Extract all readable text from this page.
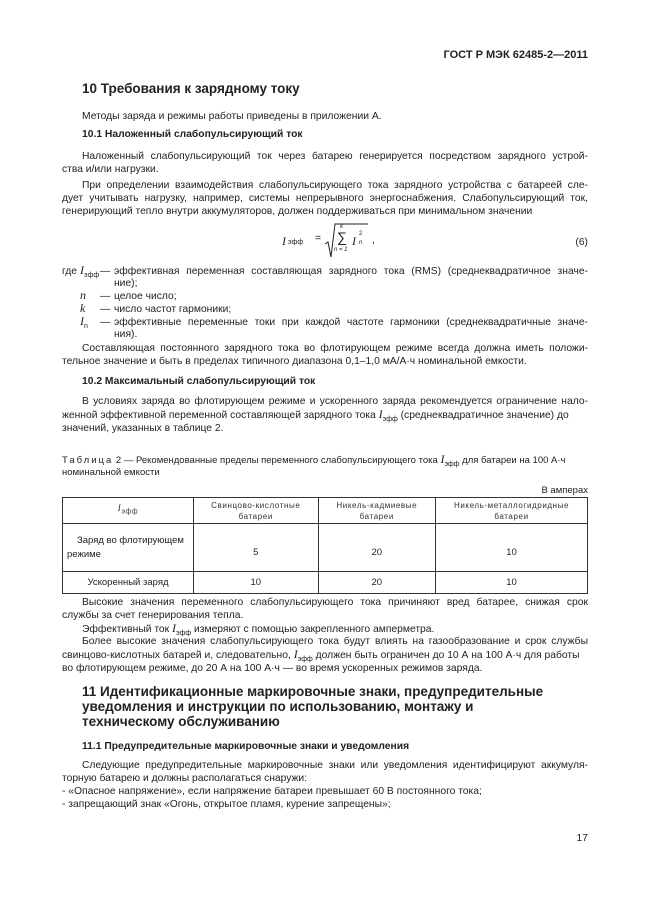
ГОСТ Р МЭК 62485-2—2011
10 Требования к зарядному току
Методы заряда и режимы работы приведены в приложении А.
10.1 Наложенный слабопульсирующий ток
Наложенный слабопульсирующий ток через батарею генерируется посредством зарядного устрой-
ства и/или нагрузки.
При определении взаимодействия слабопульсирующего тока зарядного устройства с батареей сле-
дует учитывать нагрузку, например, системы непрерывного энергоснабжения. Слабопульсирующий ток,
генерирующий тепло внутри аккумуляторов, должен поддерживаться при минимальном значении
I эфф =
k
∑
n = 1
I 2
n ,	(6)
где $I_{эфф}$ — эффективная переменная составляющая зарядного тока (RMS) (среднеквадратичное значе-
ние);
n	— целое число;
k	— число частот гармоники;
$I_n$	— эффективные переменные токи при каждой частоте гармоники (среднеквадратичные значе-
ния).
Составляющая постоянного зарядного тока во флотирующем режиме всегда должна иметь положи-
тельное значение и быть в пределах типичного диапазона 0,1–1,0 мА/А·ч номинальной емкости.
10.2 Максимальный слабопульсирующий ток
В условиях заряда во флотирующем режиме и ускоренного заряда рекомендуется ограничение нало-
женной эффективной переменной составляющей зарядного тока $I_{эфф}$ (среднеквадратичное значение) до
значений, указанных в таблице 2.
Таблица 2 — Рекомендованные пределы переменного слабопульсирующего тока $I_{эфф}$ для батареи на 100 А·ч
номинальной емкости
В амперах
$I_{эфф}$	Свинцово-кислотные батареи	Никель-кадмиевые батареи	Никель-металлогидридные батареи
Заряд во флотирующем режиме	5	20	10
Ускоренный заряд	10	20	10
Высокие значения переменного слабопульсирующего тока причиняют вред батарее, снижая срок
службы за счет генерирования тепла.
Эффективный ток $I_{эфф}$ измеряют с помощью закрепленного амперметра.
Более высокие значения слабопульсирующего тока будут влиять на газообразование и срок службы
свинцово-кислотных батарей и, следовательно, $I_{эфф}$ должен быть ограничен до 10 А на 100 А·ч для работы
во флотирующем режиме, до 20 А на 100 А·ч — во время ускоренных режимов заряда.
11 Идентификационные маркировочные знаки, предупредительные
уведомления и инструкции по использованию, монтажу и
техническому обслуживанию
11.1 Предупредительные маркировочные знаки и уведомления
Следующие предупредительные маркировочные знаки или уведомления идентифицируют аккумуля-
торную батарею и должны располагаться снаружи:
- «Опасное напряжение», если напряжение батареи превышает 60 В постоянного тока;
- запрещающий знак «Огонь, открытое пламя, курение запрещены»;
17
